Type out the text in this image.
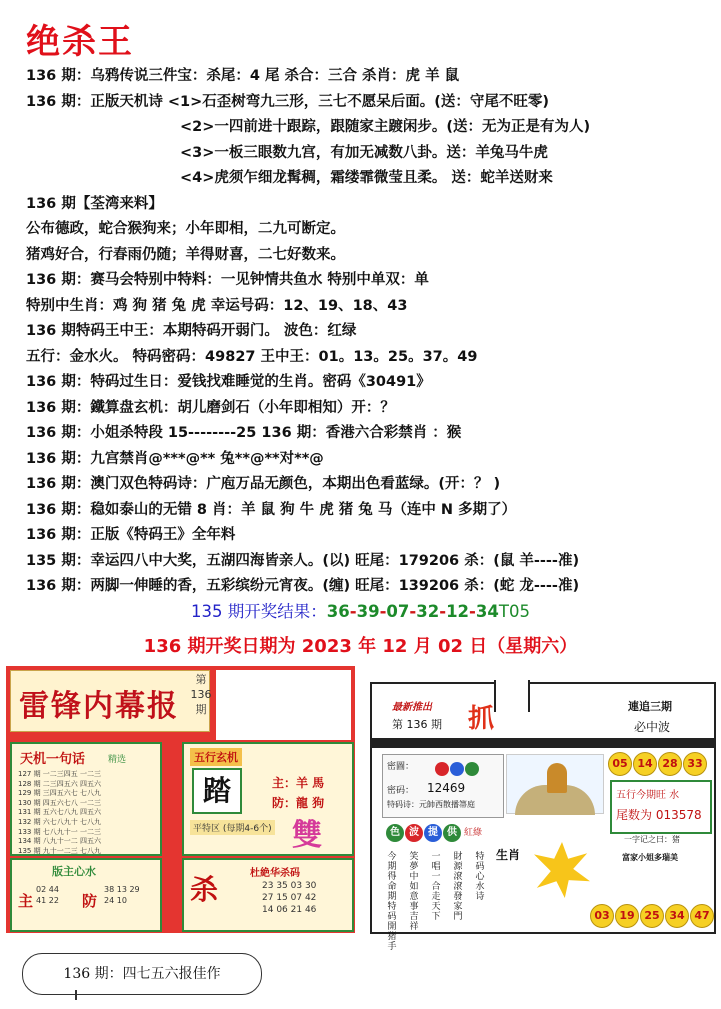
绝杀王
136 期：乌鸦传说三件宝：杀尾：4 尾 杀合：三合 杀肖：虎 羊 鼠
136 期：正版天机诗 <1>石歪树弯九三形，三七不愿呆后面。(送：守尾不旺零)
<2>一四前进十跟踪，跟随家主踱闲步。(送：无为正是有为人)
<3>一板三眼数九宫，有加无减数八卦。送：羊兔马牛虎
<4>虎须乍细龙髯稠，霜缕霏微莹且柔。 送：蛇羊送财来
136 期【荃湾来料】
公布德政，蛇合猴狗来；小年即相，二九可断定。
猪鸡好合，行春雨仍随；羊得财喜，二七好数来。
136 期：赛马会特别中特料：一见钟情共鱼水 特别中单双：单
特别中生肖：鸡 狗 猪 兔 虎 幸运号码：12、19、18、43
136 期特码王中王：本期特码开弱门。 波色：红绿
五行：金水火。 特码密码：49827 王中王：01。13。25。37。49
136 期：特码过生日：爱钱找难睡觉的生肖。密码《30491》
136 期：鐵算盘玄机：胡儿磨剑石（小年即相知）开：？
136 期：小姐杀特段 15--------25 136 期：香港六合彩禁肖 ：猴
136 期：九宫禁肖@***@** 兔**@**对**@
136 期：澳门双色特码诗：广庖万品无颜色，本期出色看蓝绿。(开：？ )
136 期：稳如泰山的无错 8 肖：羊 鼠 狗 牛 虎 猪 兔 马（连中 N 多期了）
136 期：正版《特码王》全年料
135 期：幸运四八中大奖，五湖四海皆亲人。(以) 旺尾：179206 杀：(鼠 羊----准)
136 期：两脚一伸睡的香，五彩缤纷元宵夜。(缠) 旺尾：139206 杀：(蛇 龙----准)
135 期开奖结果：36-39-07-32-12-34T05
136 期开奖日期为 2023 年 12 月 02 日（星期六）
雷锋内幕报
第136期
天机一句话	精选
127 期 一二三四五 一二三
128 期 二三四五六 四五六
129 期 三四五六七 七八九
130 期 四五六七八 一二三
131 期 五六七八九 四五六
132 期 六七八九十 七八九
133 期 七八九十一 一二三
134 期 八九十一二 四五六
135 期 九十一二三 七八九
五行玄机
踏	主：羊 馬
防：龍 狗
平特区 (每期4-6个) 雙
版主心水
主
02 44
41 22 防
38 13 29
24 10	杀	杜絶华杀码
23 35 03 30
27 15 07 42
14 06 21 46
最新推出
第 136 期 抓	連追三期
必中波
密圖：
密码： 12469
特码诗：元帥西散播箒庭
05 14 28 33
五行今期旺 水
尾数为 013578
色 波 提 供 紅綠
今期得 命期特码開猪手
笑夢中如意事吉祥
一唱一合走天下
財源滾滾發家門
特码心水诗
生肖
一字记之曰：猪
富家小姐多瑞美
03 19 25 34 47
136 期：四七五六报佳作
